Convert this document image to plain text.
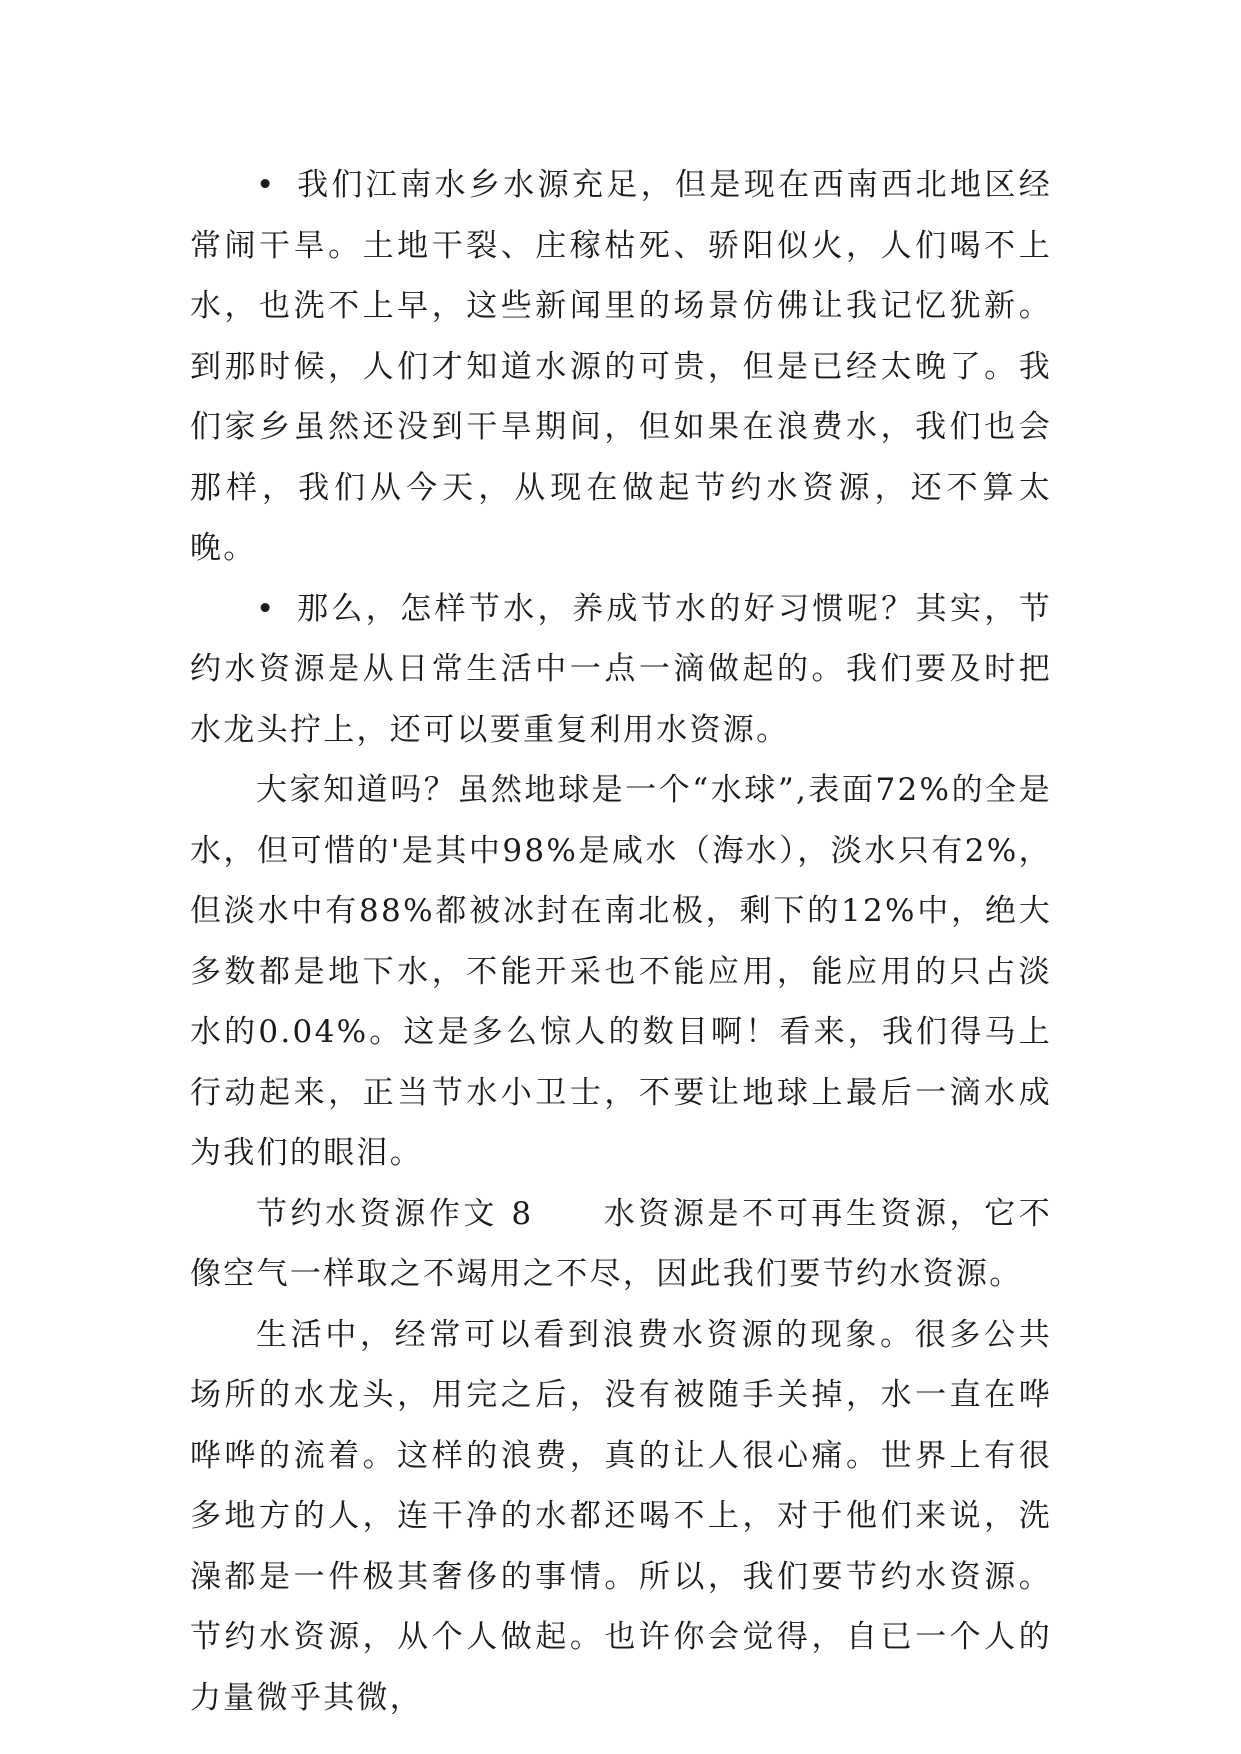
• 我们江南水乡水源充足，但是现在西南西北地区经常闹干旱。土地干裂、庄稼枯死、骄阳似火，人们喝不上水，也洗不上早，这些新闻里的场景仿佛让我记忆犹新。到那时候，人们才知道水源的可贵，但是已经太晚了。我们家乡虽然还没到干旱期间，但如果在浪费水，我们也会那样，我们从今天，从现在做起节约水资源，还不算太晚。

• 那么，怎样节水，养成节水的好习惯呢？其实，节约水资源是从日常生活中一点一滴做起的。我们要及时把水龙头拧上，还可以要重复利用水资源。

大家知道吗？虽然地球是一个“水球”,表面72%的全是水，但可惜的'是其中98%是咸水（海水），淡水只有2%，但淡水中有88%都被冰封在南北极，剩下的12%中，绝大多数都是地下水，不能开采也不能应用，能应用的只占淡水的0.04%。这是多么惊人的数目啊！看来，我们得马上行动起来，正当节水小卫士，不要让地球上最后一滴水成为我们的眼泪。

节约水资源作文 8　　水资源是不可再生资源，它不像空气一样取之不竭用之不尽，因此我们要节约水资源。

生活中，经常可以看到浪费水资源的现象。很多公共场所的水龙头，用完之后，没有被随手关掉，水一直在哗哗哗的流着。这样的浪费，真的让人很心痛。世界上有很多地方的人，连干净的水都还喝不上，对于他们来说，洗澡都是一件极其奢侈的事情。所以，我们要节约水资源。节约水资源，从个人做起。也许你会觉得，自已一个人的力量微乎其微，
